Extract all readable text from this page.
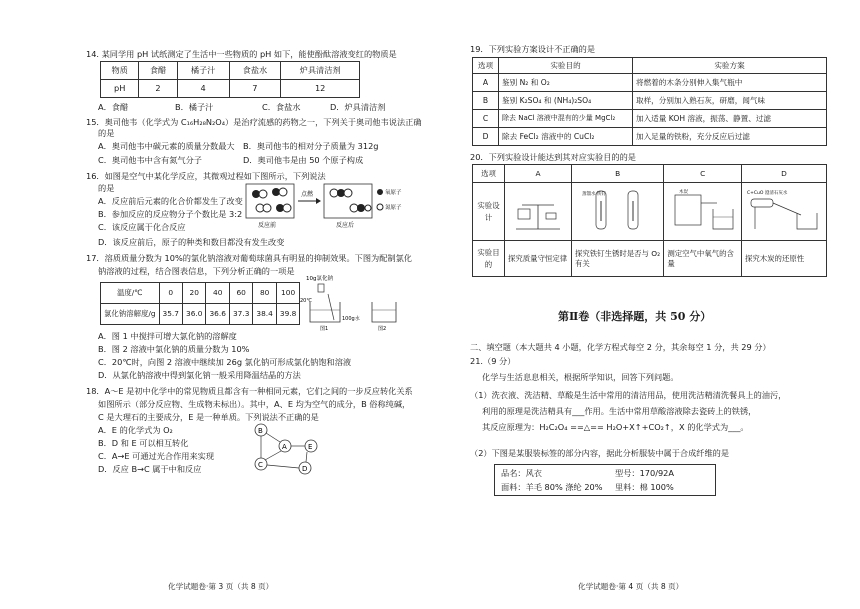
14. 某同学用 pH 试纸测定了生活中一些物质的 pH 如下，能使酚酞溶液变红的物质是
物质	食醋	橘子汁	食盐水	炉具清洁剂
pH	2	4	7	12
A．食醋	B．橘子汁	C．食盐水	D．炉具清洁剂
15．奥司他韦（化学式为 C₁₆H₂₈N₂O₄）是治疗流感的药物之一，下列关于奥司他韦说法正确
的是
A．奥司他韦中碳元素的质量分数最大 B．奥司他韦的相对分子质量为 312g
C．奥司他韦中含有氮气分子	D．奥司他韦是由 50 个原子构成
16．如图是空气中某化学反应，其微观过程如下图所示，下列说法
的是
点燃
反应前	反应后
氧原子
氮原子
A．反应前后元素的化合价都发生了改变
B．参加反应的反应物分子个数比是 3:2
C．该反应属于化合反应
D．该反应前后，原子的种类和数目都没有发生改变
17．溶质质量分数为 10%的氯化钠溶液对葡萄球菌具有明显的抑制效果。下图为配制氯化
钠溶液的过程，结合图表信息，下列分析正确的一项是
温度/℃	0	20	40	60	80	100
氯化钠溶解度/g	35.7	36.0	36.6	37.3	38.4	39.8
10g氯化钠
20℃
100g水
图1	图2
A．图 1 中搅拌可增大氯化钠的溶解度
B．图 2 溶液中氯化钠的质量分数为 10%
C．20℃时，向图 2 溶液中继续加 26g 氯化钠可形成氯化钠饱和溶液
D．从氯化钠溶液中得到氯化钠一般采用降温结晶的方法
18．A～E 是初中化学中的常见物质且都含有一种相同元素，它们之间的一步反应转化关系
如图所示（部分反应物、生成物未标出）。其中，A、E 均为空气的成分，B 俗称纯碱，
C 是大理石的主要成分，E 是一种单质。下列说法不正确的是
B
A	E
C	D
A．E 的化学式为 O₂
B．D 和 E 可以相互转化
C．A→E 可通过光合作用来实现
D．反应 B→C 属于中和反应
化学试题卷·第 3 页（共 8 页）
19．下列实验方案设计不正确的是
选项	实验目的	实验方案
A	鉴别 N₂ 和 O₂	将燃着的木条分别伸入集气瓶中
B	鉴别 K₂SO₄ 和 (NH₄)₂SO₄	取样，分别加入熟石灰，研磨，闻气味
C	除去 NaCl 溶液中混有的少量 MgCl₂	加入适量 KOH 溶液，振荡、静置、过滤
D	除去 FeCl₂ 溶液中的 CuCl₂	加入足量的铁粉，充分反应后过滤
20．下列实验设计能达到其对应实验目的的是
选项	A	B	C	D
实验设计		蒸馏水 铁钉	木炭	C+CuO 澄清石灰水

实验目的	探究质量守恒定律	探究铁钉生锈时是否与 O₂ 有关	测定空气中氧气的含量	探究木炭的还原性
第Ⅱ卷（非选择题，共 50 分）
二、填空题（本大题共 4 小题，化学方程式每空 2 分，其余每空 1 分，共 29 分）
21.（9 分）
化学与生活息息相关，根据所学知识，回答下列问题。
（1）洗衣液、洗洁精、草酸是生活中常用的清洁用品，使用洗洁精清洗餐具上的油污，
利用的原理是洗洁精具有___作用。生活中常用草酸溶液除去瓷砖上的铁锈，
其反应原理为：H₂C₂O₄ ==△== H₂O+X↑+CO₂↑，X 的化学式为___。
（2）下图是某服装标签的部分内容，据此分析服装中属于合成纤维的是
品名：风衣	型号：170/92A
面料：羊毛 80% 涤纶 20% 里料：棉 100%
化学试题卷·第 4 页（共 8 页）
